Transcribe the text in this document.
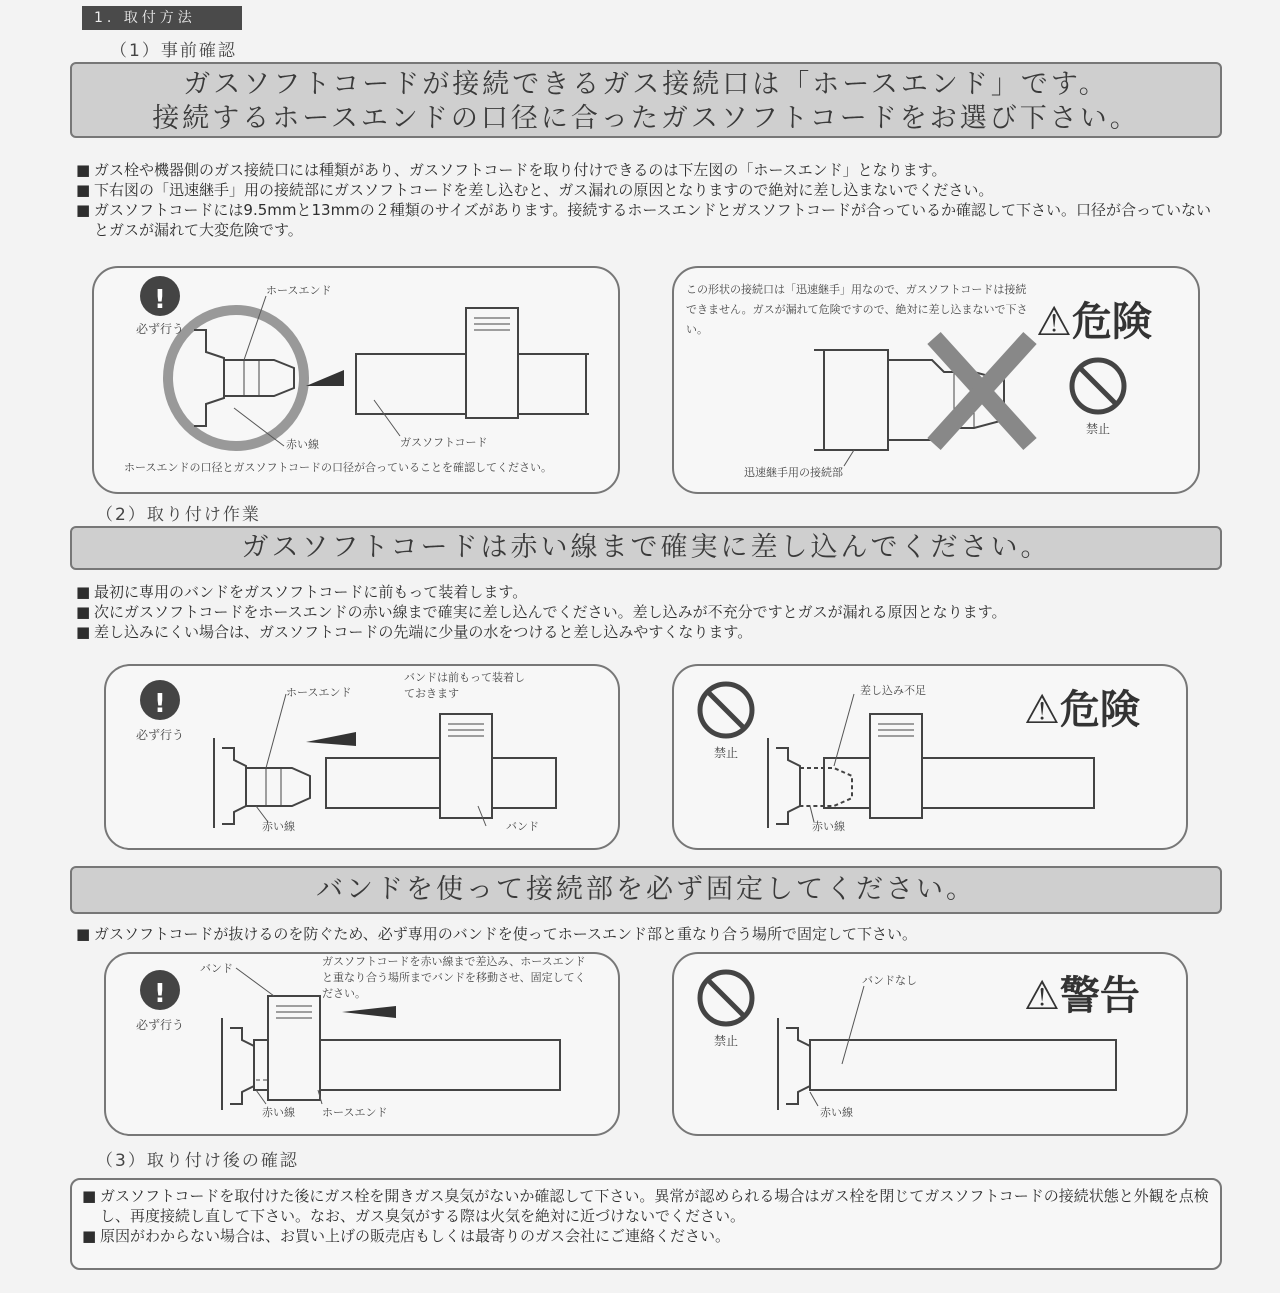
1. 取付方法
（1）事前確認
ガスソフトコードが接続できるガス接続口は「ホースエンド」です。
接続するホースエンドの口径に合ったガスソフトコードをお選び下さい。
■ ガス栓や機器側のガス接続口には種類があり、ガスソフトコードを取り付けできるのは下左図の「ホースエンド」となります。
■ 下右図の「迅速継手」用の接続部にガスソフトコードを差し込むと、ガス漏れの原因となりますので絶対に差し込まないでください。
■ ガスソフトコードには9.5mmと13mmの２種類のサイズがあります。接続するホースエンドとガスソフトコードが合っているか確認して下さい。口径が合っていないとガスが漏れて大変危険です。
!
必ず行う
ホースエンド
赤い線	ガスソフトコード
ホースエンドの口径とガスソフトコードの口径が合っていることを確認してください。
この形状の接続口は「迅速継手」用なので、ガスソフトコードは接続できません。ガスが漏れて危険ですので、絶対に差し込まないで下さい。	⚠危険
禁止
迅速継手用の接続部
（2）取り付け作業
ガスソフトコードは赤い線まで確実に差し込んでください。
■ 最初に専用のバンドをガスソフトコードに前もって装着します。
■ 次にガスソフトコードをホースエンドの赤い線まで確実に差し込んでください。差し込みが不充分ですとガスが漏れる原因となります。
■ 差し込みにくい場合は、ガスソフトコードの先端に少量の水をつけると差し込みやすくなります。
!
必ず行う
ホースエンド
バンドは前もって装着しておきます
赤い線	バンド
禁止
差し込み不足
赤い線
⚠危険
バンドを使って接続部を必ず固定してください。
■ ガスソフトコードが抜けるのを防ぐため、必ず専用のバンドを使ってホースエンド部と重なり合う場所で固定して下さい。
!
必ず行う
バンド
ガスソフトコードを赤い線まで差込み、ホースエンドと重なり合う場所までバンドを移動させ、固定してください。
赤い線 ホースエンド
禁止
バンドなし
赤い線
⚠警告
（3）取り付け後の確認
■ ガスソフトコードを取付けた後にガス栓を開きガス臭気がないか確認して下さい。異常が認められる場合はガス栓を閉じてガスソフトコードの接続状態と外観を点検し、再度接続し直して下さい。なお、ガス臭気がする際は火気を絶対に近づけないでください。
■ 原因がわからない場合は、お買い上げの販売店もしくは最寄りのガス会社にご連絡ください。
